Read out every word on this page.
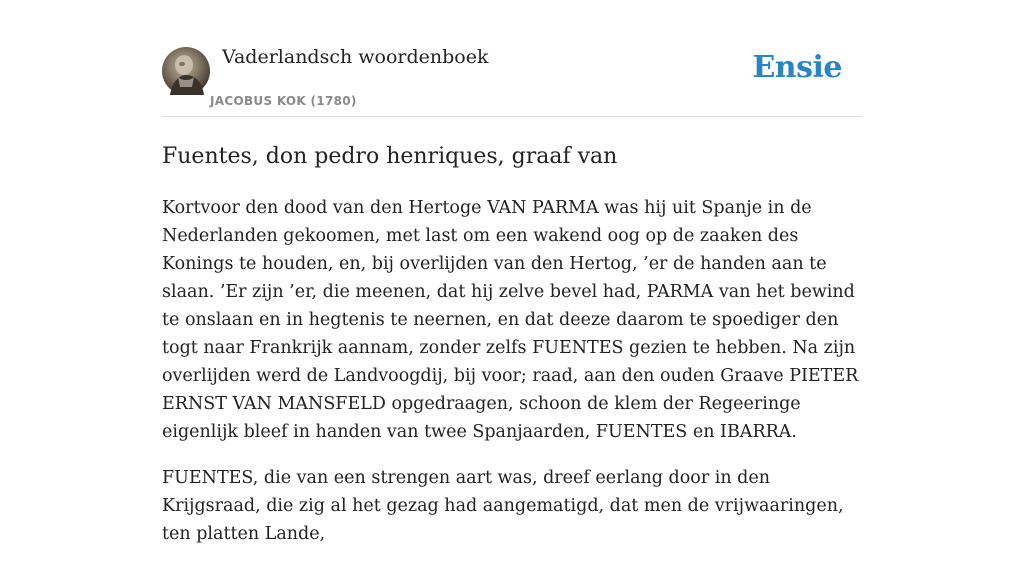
Vaderlandsch woordenboek
JACOBUS KOK (1780)
Ensie
Fuentes, don pedro henriques, graaf van

Kortvoor den dood van den Hertoge VAN PARMA was hij uit Spanje in de Nederlanden gekoomen, met last om een wakend oog op de zaaken des Konings te houden, en, bij overlijden van den Hertog, ’er de handen aan te slaan. ’Er zijn ’er, die meenen, dat hij zelve bevel had, PARMA van het bewind te onslaan en in hegtenis te neernen, en dat deeze daarom te spoediger den togt naar Frankrijk aannam, zonder zelfs FUENTES gezien te hebben. Na zijn overlijden werd de Landvoogdij, bij voor; raad, aan den ouden Graave PIETER ERNST VAN MANSFELD opgedraagen, schoon de klem der Regeeringe eigenlijk bleef in handen van twee Spanjaarden, FUENTES en IBARRA.

FUENTES, die van een strengen aart was, dreef eerlang door in den Krijgsraad, die zig al het gezag had aangematigd, dat men de vrijwaaringen, ten platten Lande,
